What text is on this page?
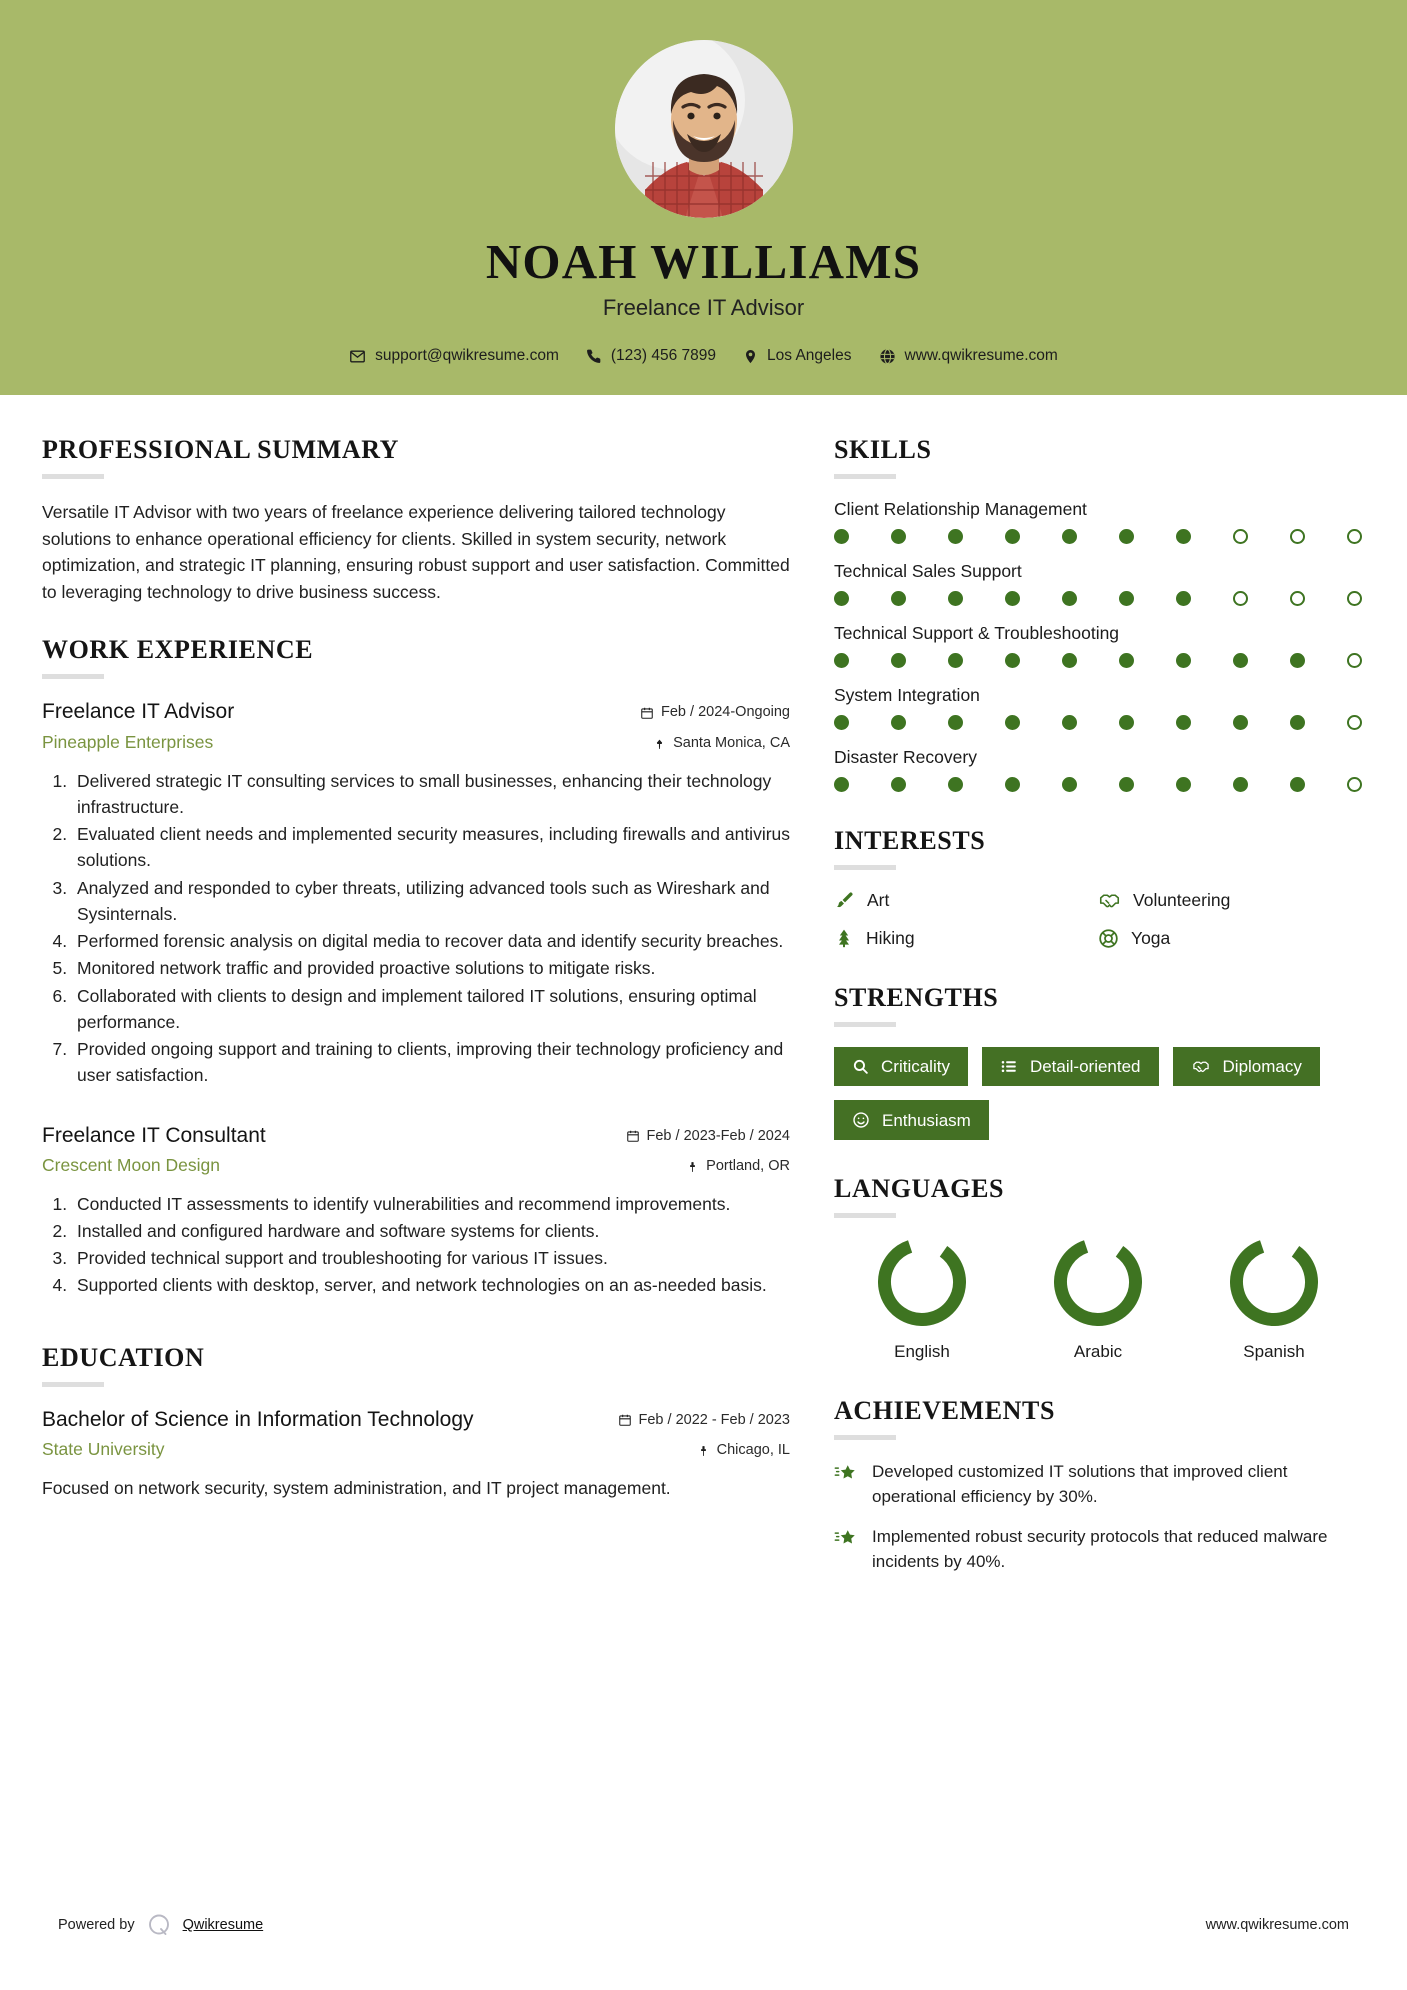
NOAH WILLIAMS
Freelance IT Advisor
support@qwikresume.com	(123) 456 7899	Los Angeles	www.qwikresume.com
PROFESSIONAL SUMMARY
Versatile IT Advisor with two years of freelance experience delivering tailored technology solutions to enhance operational efficiency for clients. Skilled in system security, network optimization, and strategic IT planning, ensuring robust support and user satisfaction. Committed to leveraging technology to drive business success.
WORK EXPERIENCE
Freelance IT Advisor
Pineapple Enterprises
Feb / 2024-Ongoing
Santa Monica, CA
1. Delivered strategic IT consulting services to small businesses, enhancing their technology infrastructure.
2. Evaluated client needs and implemented security measures, including firewalls and antivirus solutions.
3. Analyzed and responded to cyber threats, utilizing advanced tools such as Wireshark and Sysinternals.
4. Performed forensic analysis on digital media to recover data and identify security breaches.
5. Monitored network traffic and provided proactive solutions to mitigate risks.
6. Collaborated with clients to design and implement tailored IT solutions, ensuring optimal performance.
7. Provided ongoing support and training to clients, improving their technology proficiency and user satisfaction.
Freelance IT Consultant
Crescent Moon Design
Feb / 2023-Feb / 2024
Portland, OR
1. Conducted IT assessments to identify vulnerabilities and recommend improvements.
2. Installed and configured hardware and software systems for clients.
3. Provided technical support and troubleshooting for various IT issues.
4. Supported clients with desktop, server, and network technologies on an as-needed basis.
EDUCATION
Bachelor of Science in Information Technology
State University
Feb / 2022 - Feb / 2023
Chicago, IL
Focused on network security, system administration, and IT project management.
SKILLS
Client Relationship Management
Technical Sales Support
Technical Support & Troubleshooting
System Integration
Disaster Recovery
INTERESTS
Art	Volunteering
Hiking	Yoga
STRENGTHS
Criticality	Detail-oriented	Diplomacy
Enthusiasm
LANGUAGES
English	Arabic	Spanish
ACHIEVEMENTS
Developed customized IT solutions that improved client operational efficiency by 30%.
Implemented robust security protocols that reduced malware incidents by 40%.
Powered by	Qwikresume	www.qwikresume.com
